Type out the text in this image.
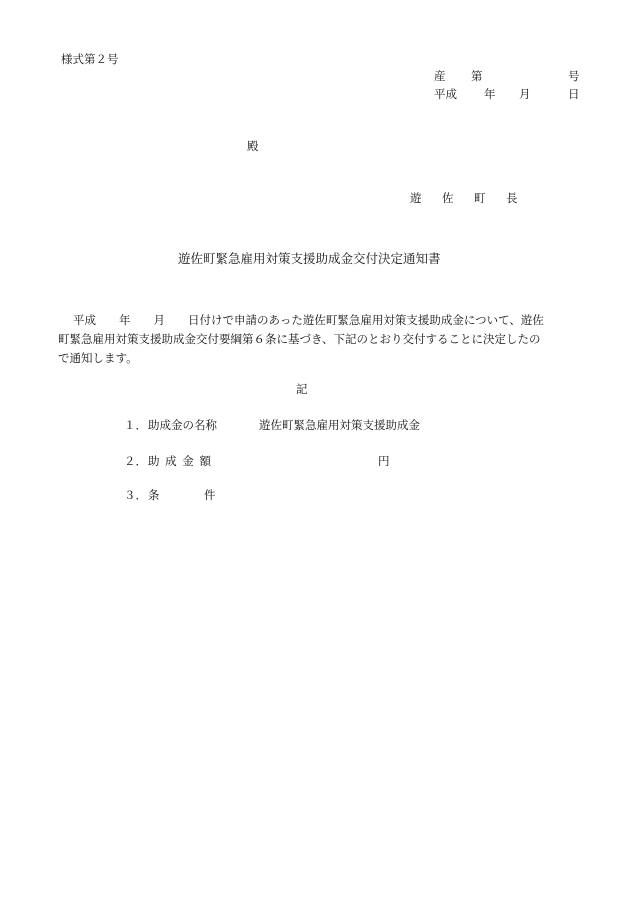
様式第２号
産 第	号
平成 年 月	日
殿
遊 佐 町 長
遊佐町緊急雇用対策支援助成金交付決定通知書

平成　　年　　月　　日付けで申請のあった遊佐町緊急雇用対策支援助成金について、遊佐

町緊急雇用対策支援助成金交付要綱第６条に基づき、下記のとおり交付することに決定したの

で通知します。

記
１． 助成金の名称	遊佐町緊急雇用対策支援助成金
２． 助 成 金 額	円
３． 条	件
